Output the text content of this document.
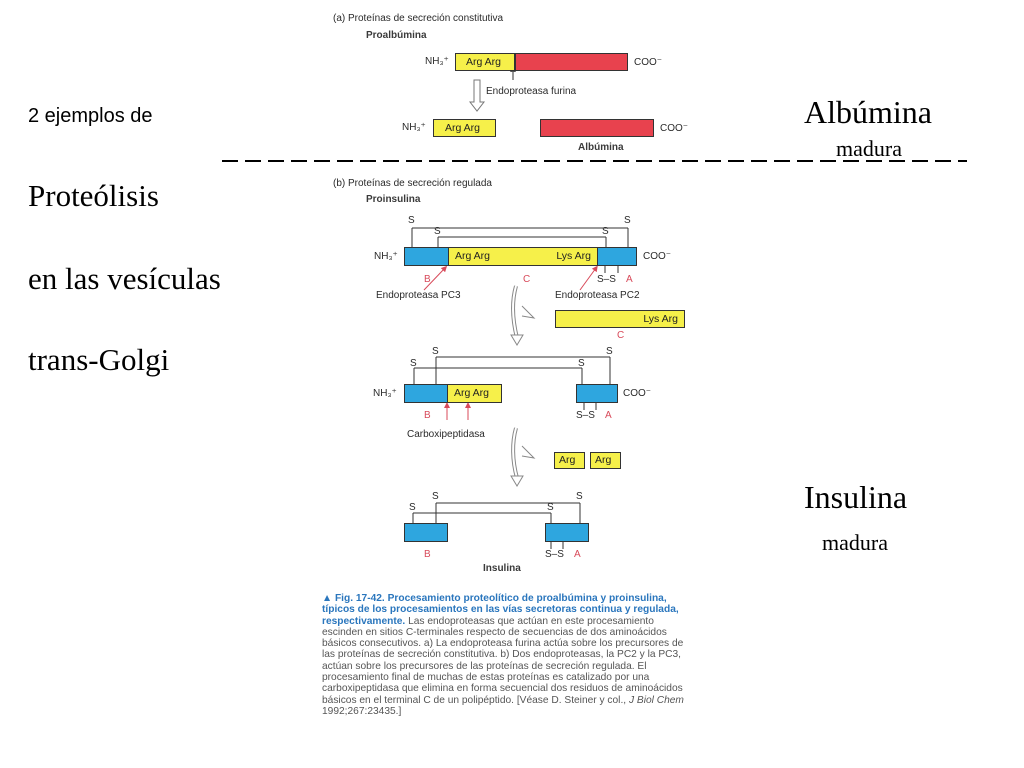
2 ejemplos de
Proteólisis
en las vesículas
trans-Golgi
Albúmina
madura
Insulina
madura
(a) Proteínas de secreción constitutiva
Proalbúmina
NH₃⁺	Arg Arg	COO⁻
Endoproteasa furina
NH₃⁺	Arg Arg	COO⁻
Albúmina
(b) Proteínas de secreción regulada
Proinsulina
S	S
S	S
NH₃⁺	Arg Arg	Lys Arg	COO⁻
B	C	S–S A
Endoproteasa PC3	Endoproteasa PC2
Lys Arg
C
S	S
S	S
NH₃⁺	Arg Arg	COO⁻
B	S–S A
Carboxipeptidasa
Arg	Arg
S	S
S	S
B	S–S A
Insulina
▲ Fig. 17-42. Procesamiento proteolítico de proalbúmina y proinsulina, típicos de los procesamientos en las vías secretoras continua y regulada, respectivamente. Las endoproteasas que actúan en este procesamiento escinden en sitios C-terminales respecto de secuencias de dos aminoácidos básicos consecutivos. a) La endoproteasa furina actúa sobre los precursores de las proteínas de secreción constitutiva. b) Dos endoproteasas, la PC2 y la PC3, actúan sobre los precursores de las proteínas de secreción regulada. El procesamiento final de muchas de estas proteínas es catalizado por una carboxipeptidasa que elimina en forma secuencial dos residuos de aminoácidos básicos en el terminal C de un polipéptido. [Véase D. Steiner y col., J Biol Chem 1992;267:23435.]
